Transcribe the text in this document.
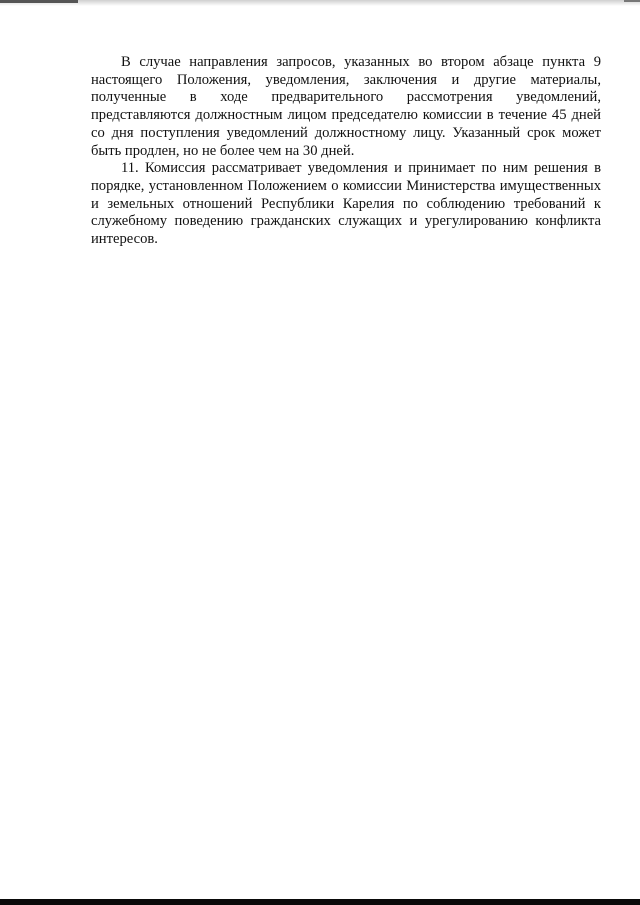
В случае направления запросов, указанных во втором абзаце пункта 9 настоящего Положения, уведомления, заключения и другие материалы, полученные в ходе предварительного рассмотрения уведомлений, представляются должностным лицом председателю комиссии в течение 45 дней со дня поступления уведомлений должностному лицу. Указанный срок может быть продлен, но не более чем на 30 дней.

11. Комиссия рассматривает уведомления и принимает по ним решения в порядке, установленном Положением о комиссии Министерства имущественных и земельных отношений Республики Карелия по соблюдению требований к служебному поведению гражданских служащих и урегулированию конфликта интересов.
